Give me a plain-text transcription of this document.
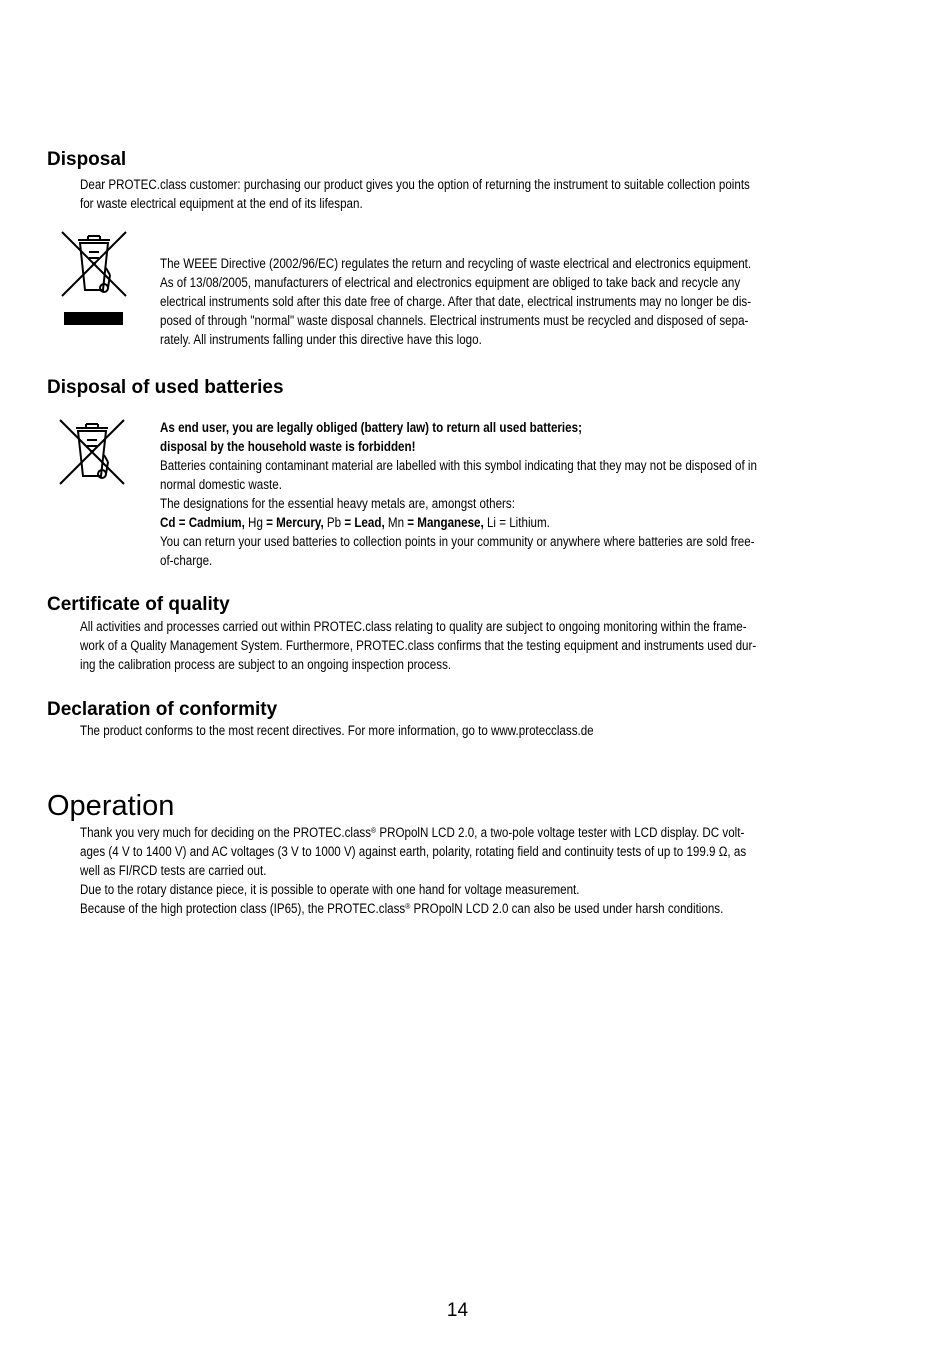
Disposal

Dear PROTEC.class customer: purchasing our product gives you the option of returning the instrument to suitable collection points

for waste electrical equipment at the end of its lifespan.

The WEEE Directive (2002/96/EC) regulates the return and recycling of waste electrical and electronics equipment.

As of 13/08/2005, manufacturers of electrical and electronics equipment are obliged to take back and recycle any

electrical instruments sold after this date free of charge. After that date, electrical instruments may no longer be dis-

posed of through "normal" waste disposal channels. Electrical instruments must be recycled and disposed of sepa-

rately. All instruments falling under this directive have this logo.

Disposal of used batteries

As end user, you are legally obliged (battery law) to return all used batteries;

disposal by the household waste is forbidden!

Batteries containing contaminant material are labelled with this symbol indicating that they may not be disposed of in

normal domestic waste.

The designations for the essential heavy metals are, amongst others:

Cd = Cadmium, Hg = Mercury, Pb = Lead, Mn = Manganese, Li = Lithium.

You can return your used batteries to collection points in your community or anywhere where batteries are sold free-

of-charge.

Certificate of quality

All activities and processes carried out within PROTEC.class relating to quality are subject to ongoing monitoring within the frame-

work of a Quality Management System. Furthermore, PROTEC.class confirms that the testing equipment and instruments used dur-

ing the calibration process are subject to an ongoing inspection process.

Declaration of conformity

The product conforms to the most recent directives. For more information, go to www.protecclass.de

Operation

Thank you very much for deciding on the PROTEC.class® PROpolN LCD 2.0, a two-pole voltage tester with LCD display. DC volt-

ages (4 V to 1400 V) and AC voltages (3 V to 1000 V) against earth, polarity, rotating field and continuity tests of up to 199.9 Ω, as

well as FI/RCD tests are carried out.

Due to the rotary distance piece, it is possible to operate with one hand for voltage measurement.

Because of the high protection class (IP65), the PROTEC.class® PROpolN LCD 2.0 can also be used under harsh conditions.

14
